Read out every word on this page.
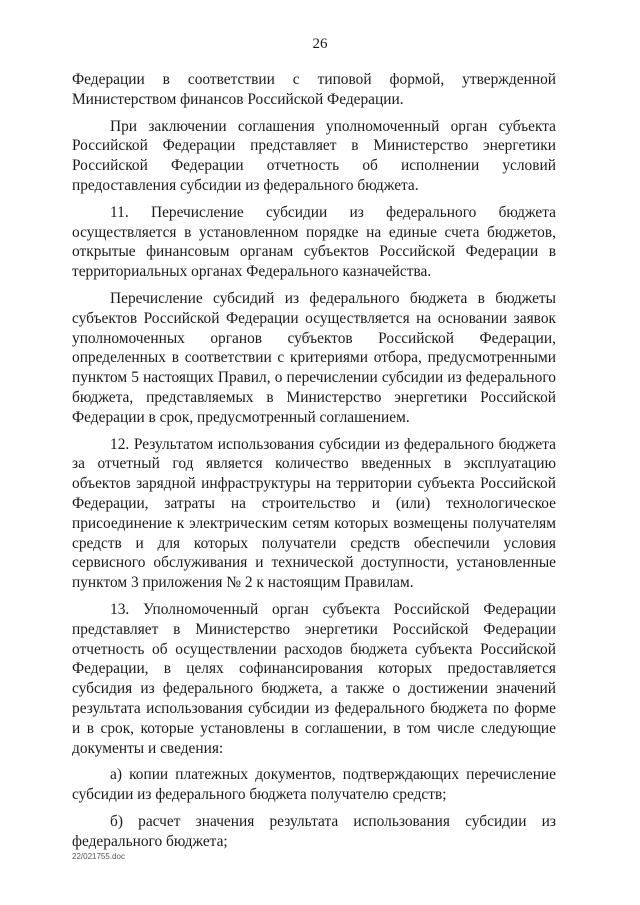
26

Федерации в соответствии с типовой формой, утвержденной Министерством финансов Российской Федерации.

При заключении соглашения уполномоченный орган субъекта Российской Федерации представляет в Министерство энергетики Российской Федерации отчетность об исполнении условий предоставления субсидии из федерального бюджета.

11. Перечисление субсидии из федерального бюджета осуществляется в установленном порядке на единые счета бюджетов, открытые финансовым органам субъектов Российской Федерации в территориальных органах Федерального казначейства.

Перечисление субсидий из федерального бюджета в бюджеты субъектов Российской Федерации осуществляется на основании заявок уполномоченных органов субъектов Российской Федерации, определенных в соответствии с критериями отбора, предусмотренными пунктом 5 настоящих Правил, о перечислении субсидии из федерального бюджета, представляемых в Министерство энергетики Российской Федерации в срок, предусмотренный соглашением.

12. Результатом использования субсидии из федерального бюджета за отчетный год является количество введенных в эксплуатацию объектов зарядной инфраструктуры на территории субъекта Российской Федерации, затраты на строительство и (или) технологическое присоединение к электрическим сетям которых возмещены получателям средств и для которых получатели средств обеспечили условия сервисного обслуживания и технической доступности, установленные пунктом 3 приложения № 2 к настоящим Правилам.

13. Уполномоченный орган субъекта Российской Федерации представляет в Министерство энергетики Российской Федерации отчетность об осуществлении расходов бюджета субъекта Российской Федерации, в целях софинансирования которых предоставляется субсидия из федерального бюджета, а также о достижении значений результата использования субсидии из федерального бюджета по форме и в срок, которые установлены в соглашении, в том числе следующие документы и сведения:

а) копии платежных документов, подтверждающих перечисление субсидии из федерального бюджета получателю средств;

б) расчет значения результата использования субсидии из федерального бюджета;

22/021755.doc
